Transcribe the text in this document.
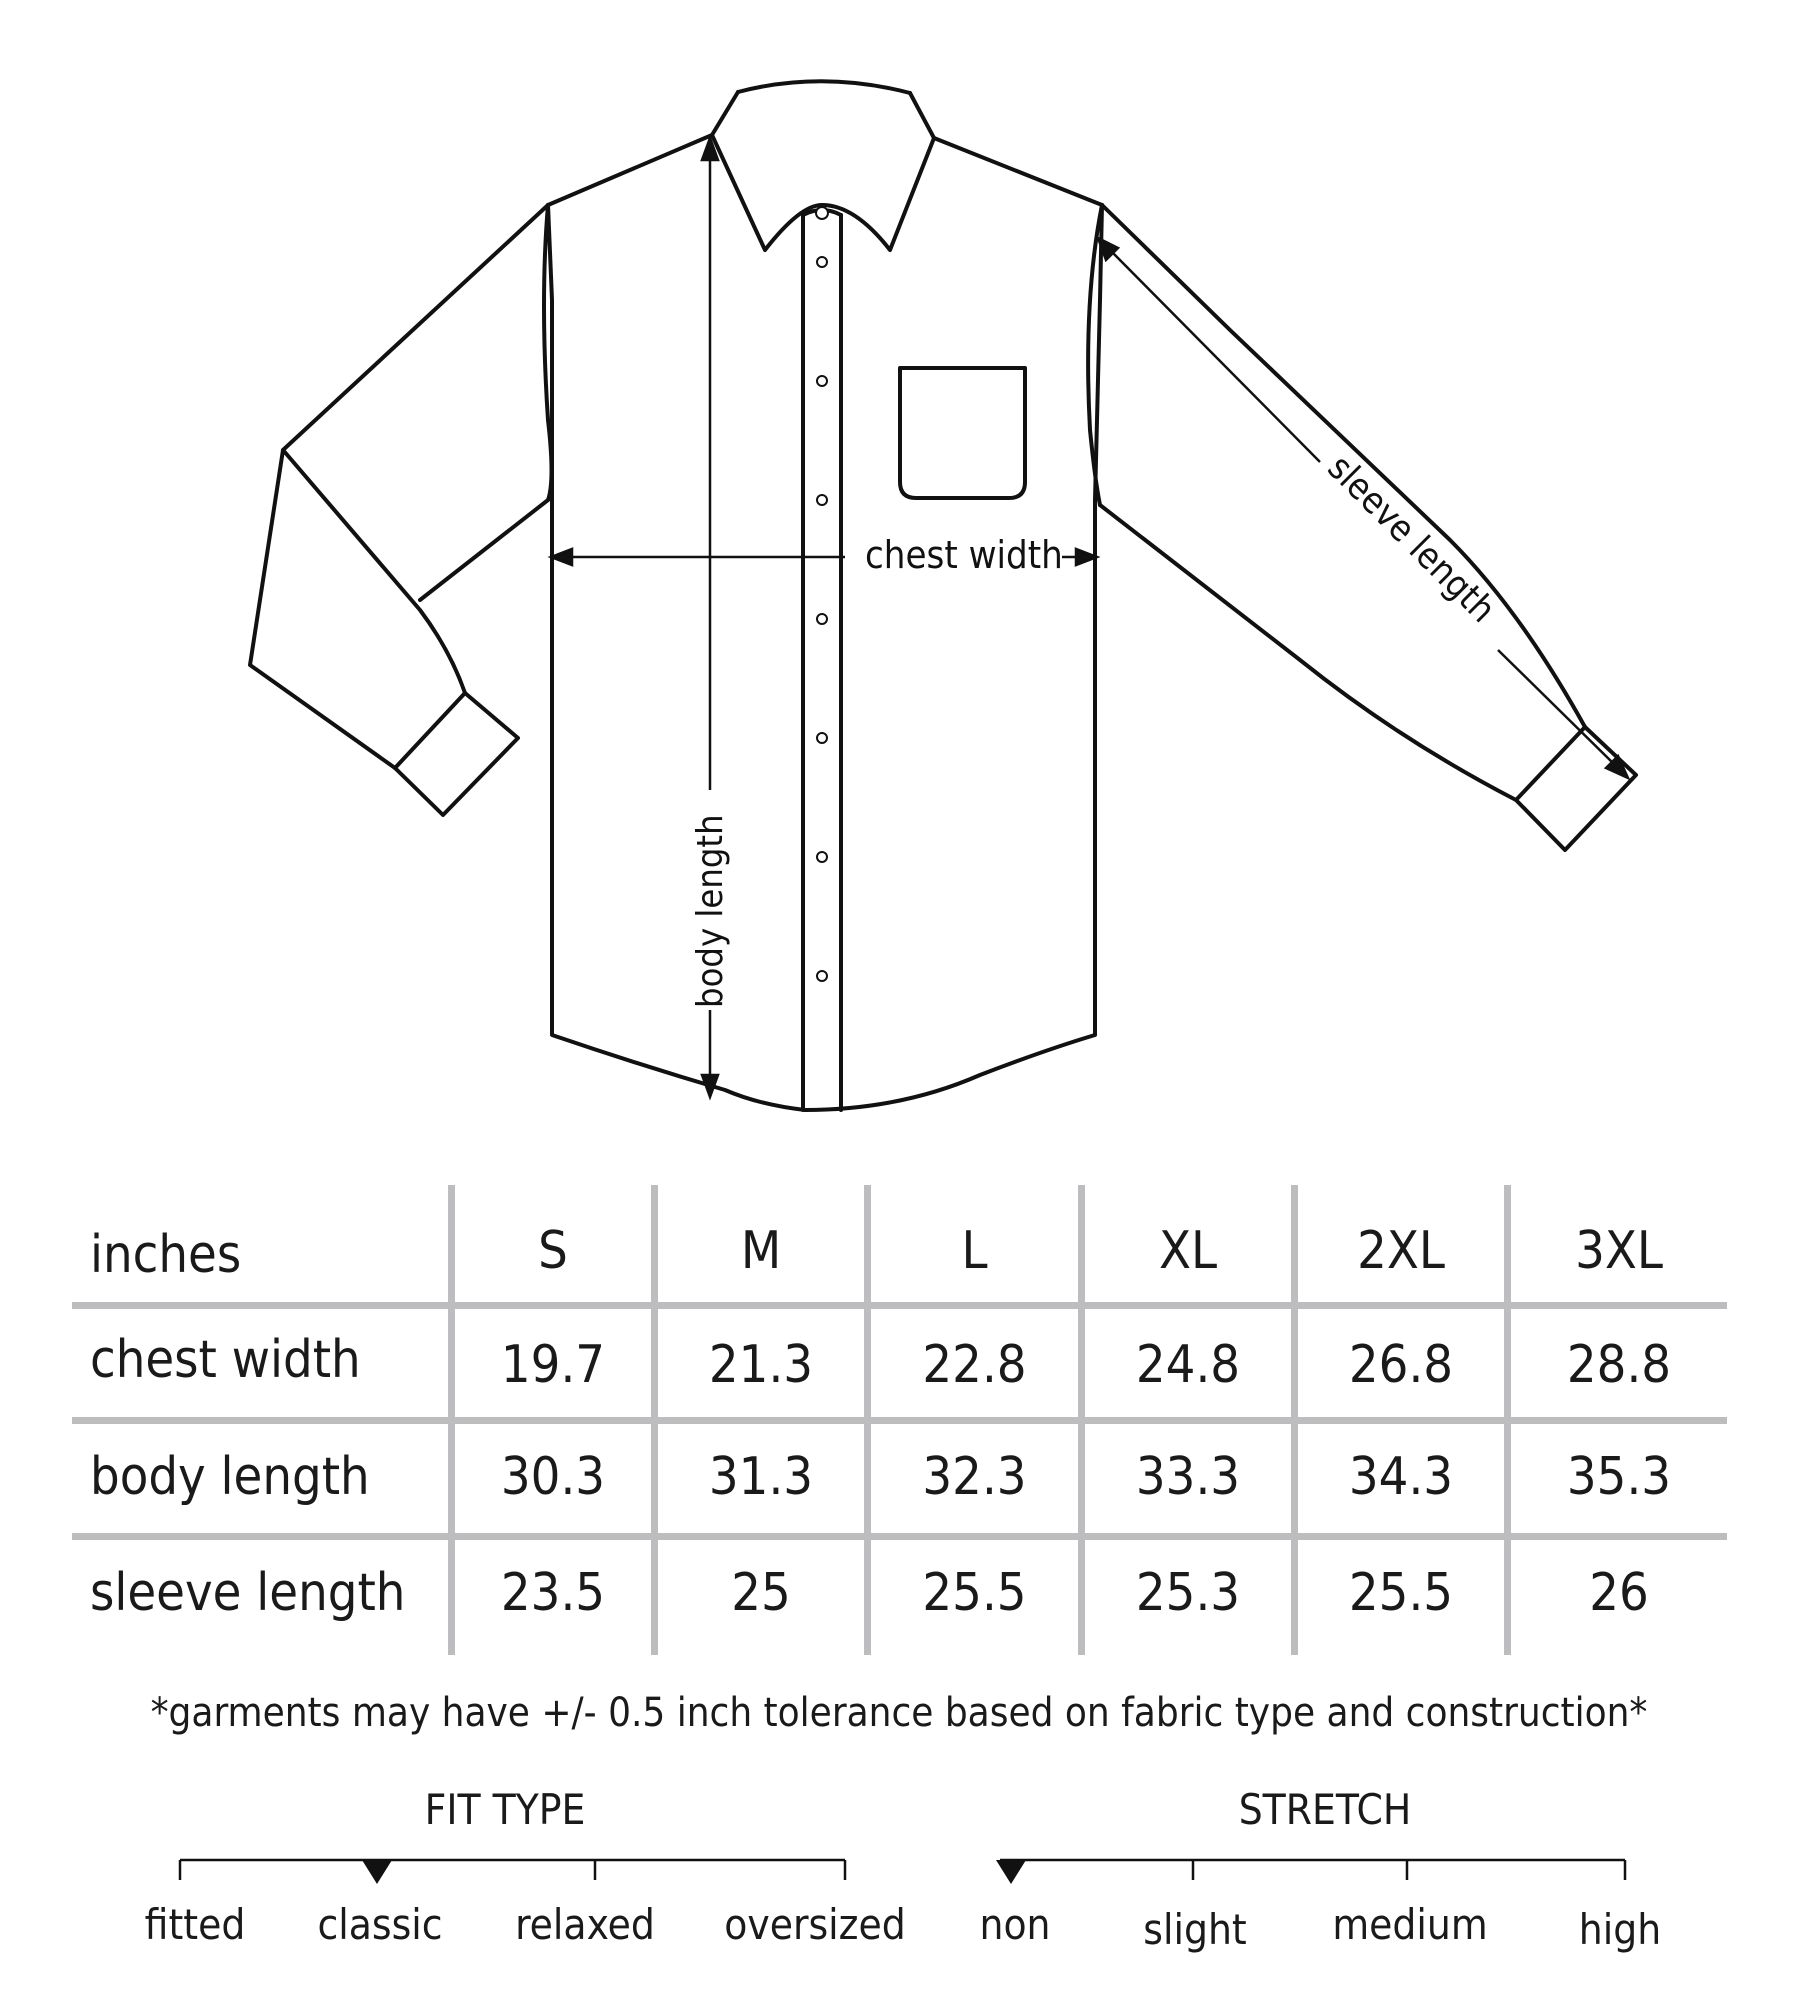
chest width
body length
sleeve length
inches	S	M	L	XL	2XL	3XL
chest width	19.7	21.3	22.8	24.8	26.8	28.8
body length	30.3	31.3	32.3	33.3	34.3	35.3
sleeve length	23.5	25	25.5	25.3	25.5	26
*garments may have +/- 0.5 inch tolerance based on fabric type and construction*
FIT TYPE
fitted	classic relaxed oversized
STRETCH
non	slight	medium	high
